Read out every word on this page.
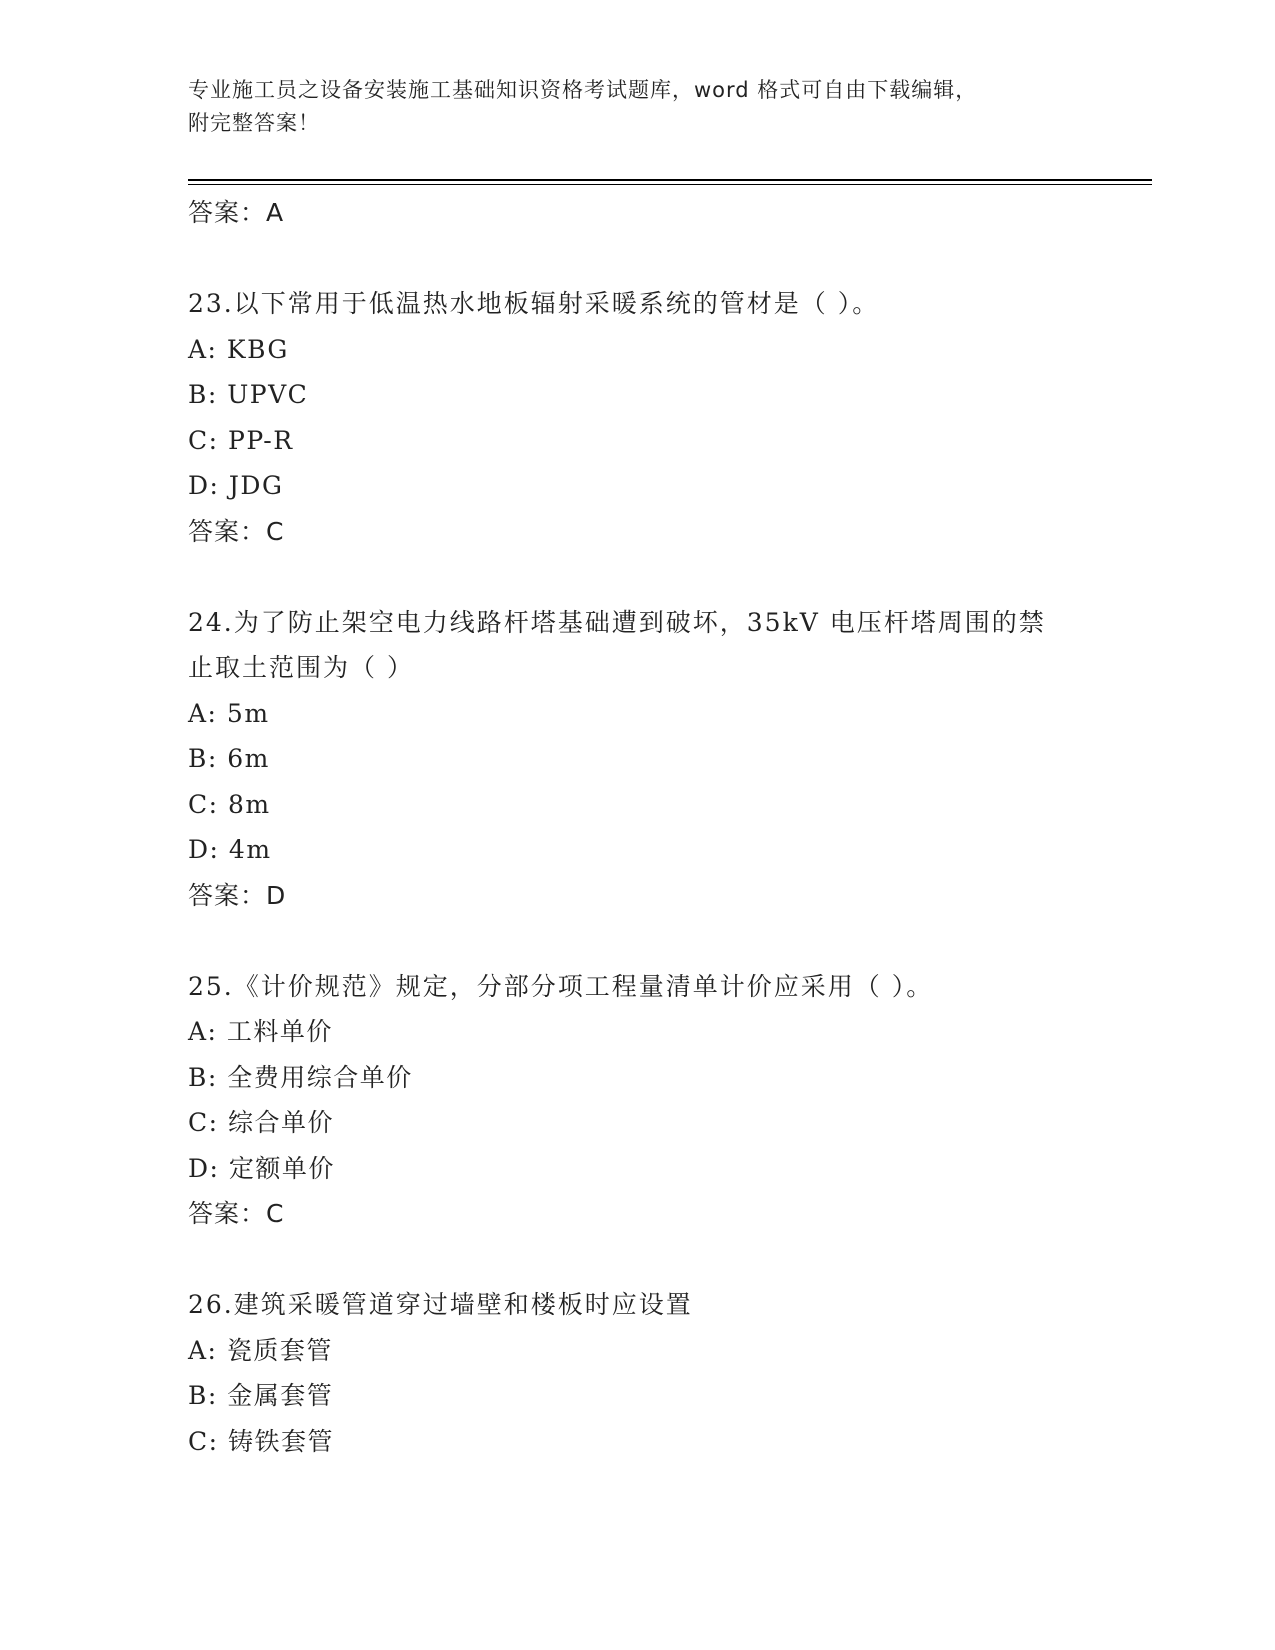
专业施工员之设备安装施工基础知识资格考试题库，word 格式可自由下载编辑，
附完整答案！
答案：A
23.以下常用于低温热水地板辐射采暖系统的管材是（ ）。
A: KBG
B: UPVC
C: PP-R
D: JDG
答案：C
24.为了防止架空电力线路杆塔基础遭到破坏，35kV 电压杆塔周围的禁
止取土范围为（ ）
A: 5m
B: 6m
C: 8m
D: 4m
答案：D
25.《计价规范》规定，分部分项工程量清单计价应采用（ ）。
A: 工料单价
B: 全费用综合单价
C: 综合单价
D: 定额单价
答案：C
26.建筑采暖管道穿过墙壁和楼板时应设置
A: 瓷质套管
B: 金属套管
C: 铸铁套管
